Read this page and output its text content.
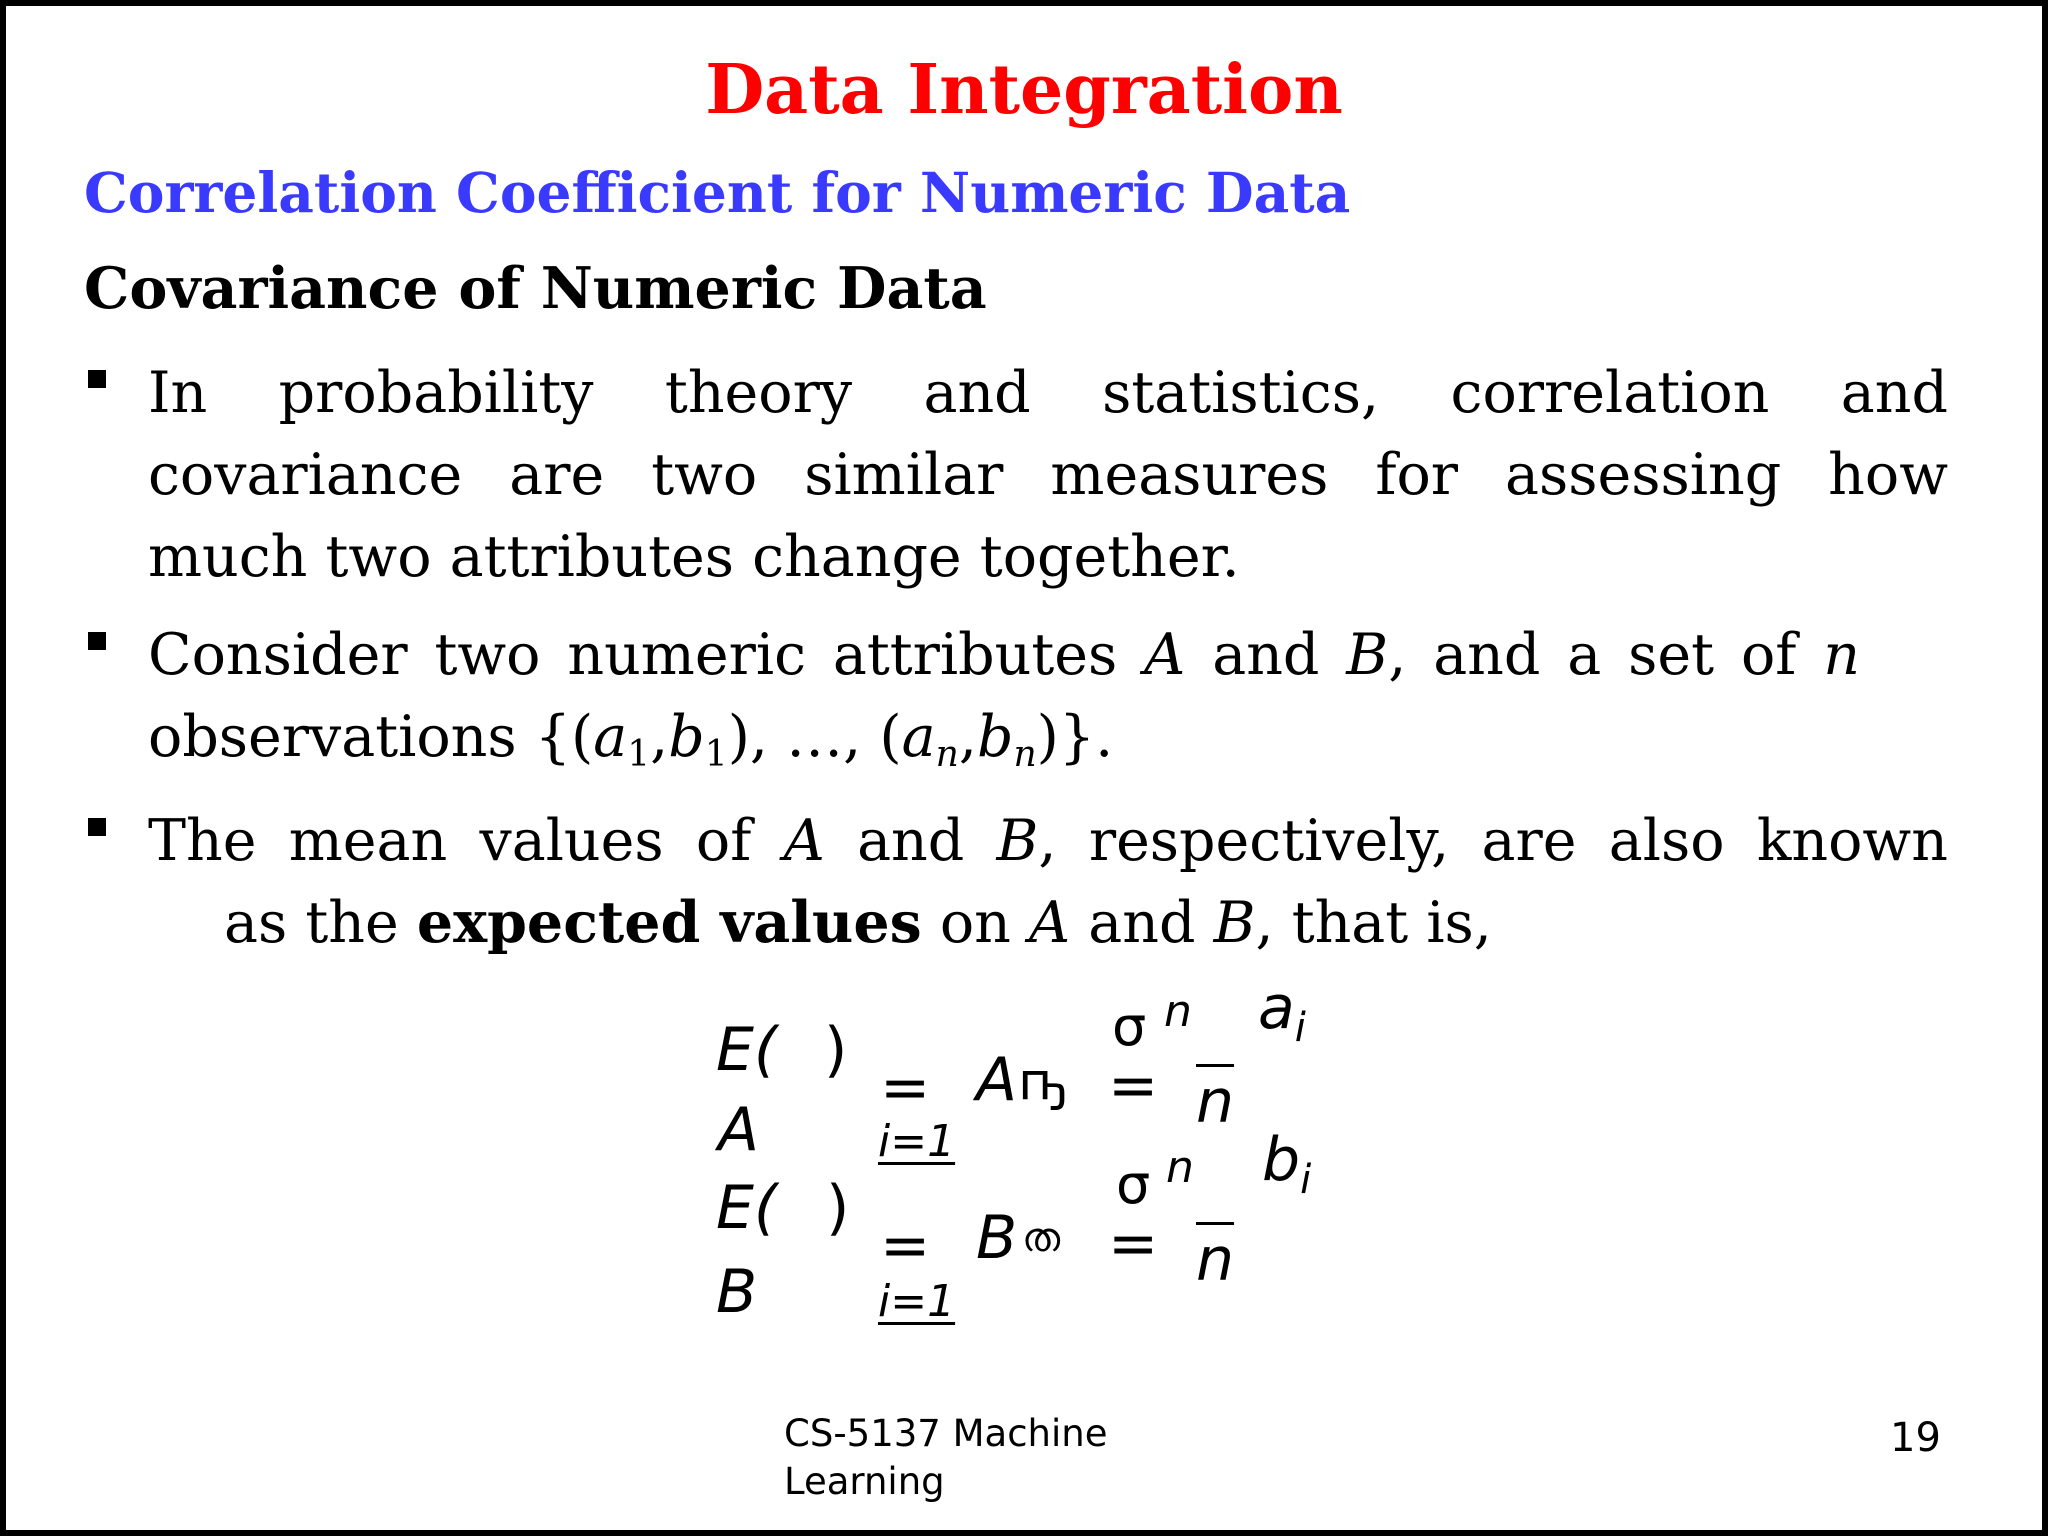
Data Integration
Correlation Coefficient for Numeric Data
Covariance of Numeric Data
In probability theory and statistics, correlation and
covariance are two similar measures for assessing how
much two attributes change together.
Consider two numeric attributes A and B, and a set of n
observations {$(a_1,b_1)$, …, $(a_n,b_n)$}.
The mean values of A and B, respectively, are also known
as the expected values on A and B, that is,
E( )
A
=
i=1
A ҧ =
σ n $a_i$
$\overline{n}$
E( )
B
=
i=1
B ത =
σ n $b_i$
$\overline{n}$
CS-5137 Machine Learning
19
